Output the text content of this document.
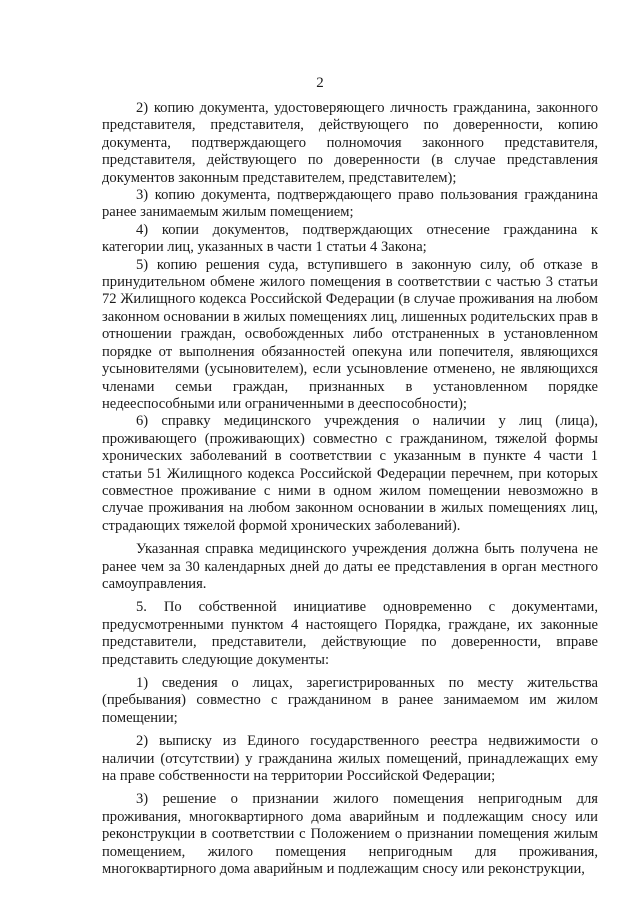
2

2) копию документа, удостоверяющего личность гражданина, законного представителя, представителя, действующего по доверенности, копию документа, подтверждающего полномочия законного представителя, представителя, действующего по доверенности (в случае представления документов законным представителем, представителем);

3) копию документа, подтверждающего право пользования гражданина ранее занимаемым жилым помещением;

4) копии документов, подтверждающих отнесение гражданина к категории лиц, указанных в части 1 статьи 4 Закона;

5) копию решения суда, вступившего в законную силу, об отказе в принудительном обмене жилого помещения в соответствии с частью 3 статьи 72 Жилищного кодекса Российской Федерации (в случае проживания на любом законном основании в жилых помещениях лиц, лишенных родительских прав в отношении граждан, освобожденных либо отстраненных в установленном порядке от выполнения обязанностей опекуна или попечителя, являющихся усыновителями (усыновителем), если усыновление отменено, не являющихся членами семьи граждан, признанных в установленном порядке недееспособными или ограниченными в дееспособности);

6) справку медицинского учреждения о наличии у лиц (лица), проживающего (проживающих) совместно с гражданином, тяжелой формы хронических заболеваний в соответствии с указанным в пункте 4 части 1 статьи 51 Жилищного кодекса Российской Федерации перечнем, при которых совместное проживание с ними в одном жилом помещении невозможно в случае проживания на любом законном основании в жилых помещениях лиц, страдающих тяжелой формой хронических заболеваний).

Указанная справка медицинского учреждения должна быть получена не ранее чем за 30 календарных дней до даты ее представления в орган местного самоуправления.

5. По собственной инициативе одновременно с документами, предусмотренными пунктом 4 настоящего Порядка, граждане, их законные представители, представители, действующие по доверенности, вправе представить следующие документы:

1) сведения о лицах, зарегистрированных по месту жительства (пребывания) совместно с гражданином в ранее занимаемом им жилом помещении;

2) выписку из Единого государственного реестра недвижимости о наличии (отсутствии) у гражданина жилых помещений, принадлежащих ему на праве собственности на территории Российской Федерации;

3) решение о признании жилого помещения непригодным для проживания, многоквартирного дома аварийным и подлежащим сносу или реконструкции в соответствии с Положением о признании помещения жилым помещением, жилого помещения непригодным для проживания, многоквартирного дома аварийным и подлежащим сносу или реконструкции,
